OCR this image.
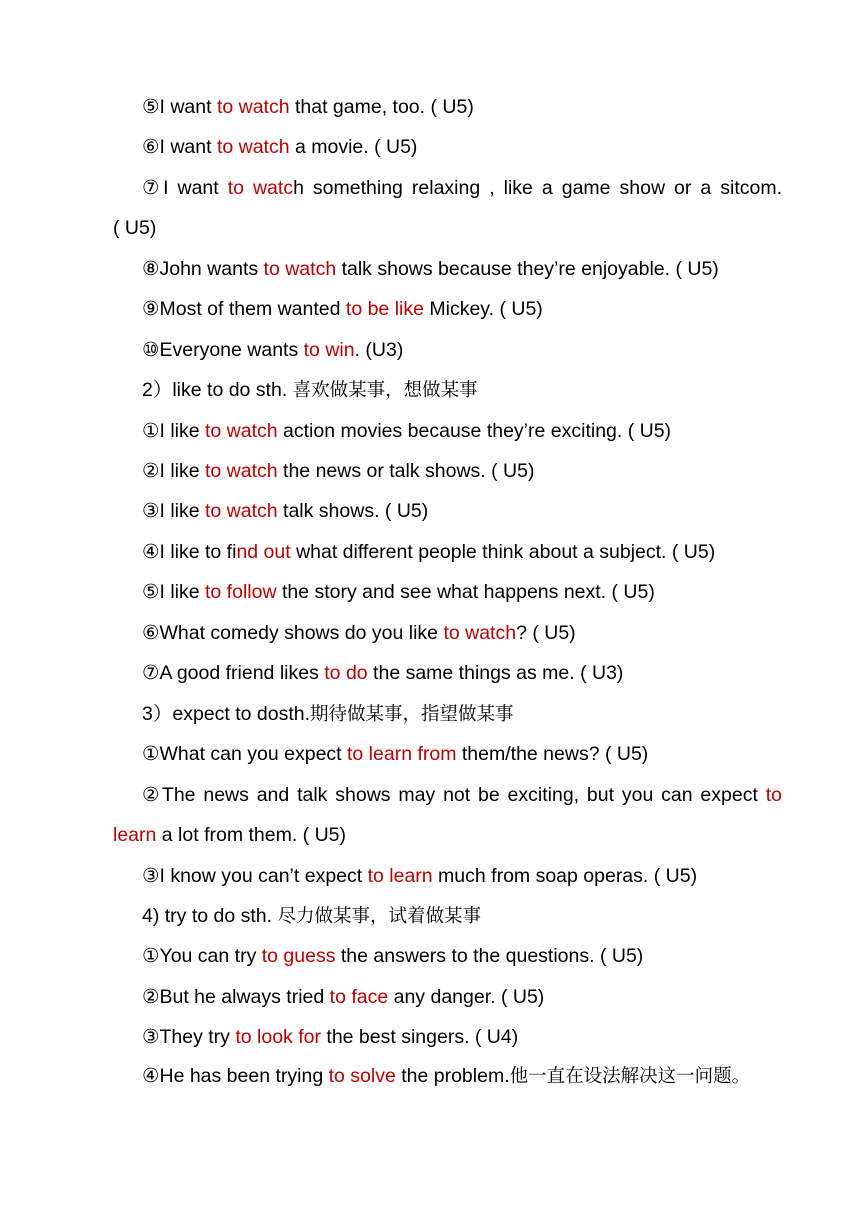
⑤I want to watch that game, too. ( U5)
⑥I want to watch a movie. ( U5)
⑦I want to watch something relaxing , like a game show or a sitcom.
( U5)
⑧John wants to watch talk shows because they’re enjoyable. ( U5)
⑨Most of them wanted to be like Mickey. ( U5)
⑩Everyone wants to win. (U3)
2）like to do sth. 喜欢做某事，想做某事
①I like to watch action movies because they’re exciting. ( U5)
②I like to watch the news or talk shows. ( U5)
③I like to watch talk shows. ( U5)
④I like to find out what different people think about a subject. ( U5)
⑤I like to follow the story and see what happens next. ( U5)
⑥What comedy shows do you like to watch? ( U5)
⑦A good friend likes to do the same things as me. ( U3)
3）expect to dosth.期待做某事，指望做某事
①What can you expect to learn from them/the news? ( U5)
②The news and talk shows may not be exciting, but you can expect to
learn a lot from them. ( U5)
③I know you can’t expect to learn much from soap operas. ( U5)
4) try to do sth. 尽力做某事，试着做某事
①You can try to guess the answers to the questions. ( U5)
②But he always tried to face any danger. ( U5)
③They try to look for the best singers. ( U4)
④He has been trying to solve the problem.他一直在设法解决这一问题。
